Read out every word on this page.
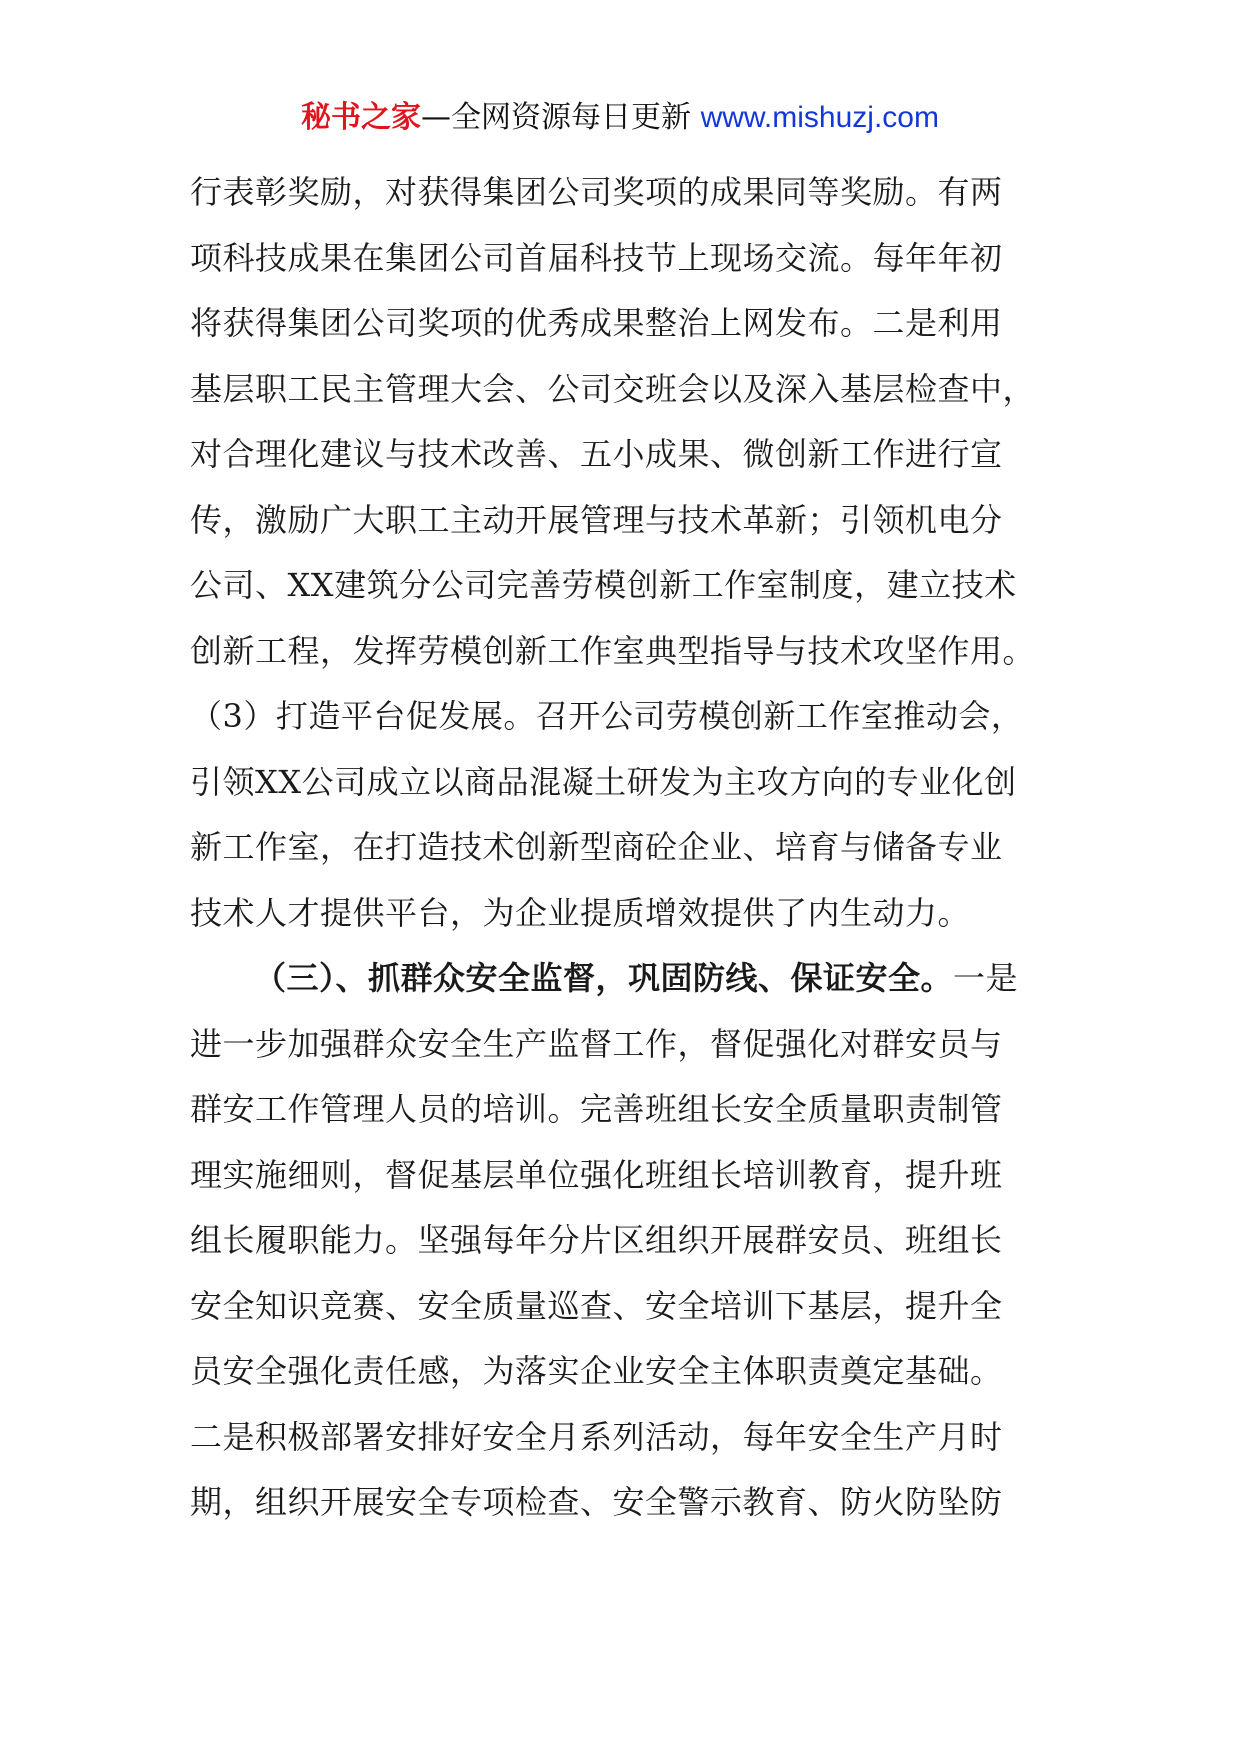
秘书之家—全网资源每日更新 www.mishuzj.com
行表彰奖励，对获得集团公司奖项的成果同等奖励。有两
项科技成果在集团公司首届科技节上现场交流。每年年初
将获得集团公司奖项的优秀成果整治上网发布。二是利用
基层职工民主管理大会、公司交班会以及深入基层检查中，
对合理化建议与技术改善、五小成果、微创新工作进行宣
传，激励广大职工主动开展管理与技术革新；引领机电分
公司、XX建筑分公司完善劳模创新工作室制度，建立技术
创新工程，发挥劳模创新工作室典型指导与技术攻坚作用。
（3）打造平台促发展。召开公司劳模创新工作室推动会，
引领XX公司成立以商品混凝土研发为主攻方向的专业化创
新工作室，在打造技术创新型商砼企业、培育与储备专业
技术人才提供平台，为企业提质增效提供了内生动力。
（三）、抓群众安全监督，巩固防线、保证安全。一是
进一步加强群众安全生产监督工作，督促强化对群安员与
群安工作管理人员的培训。完善班组长安全质量职责制管
理实施细则，督促基层单位强化班组长培训教育，提升班
组长履职能力。坚强每年分片区组织开展群安员、班组长
安全知识竞赛、安全质量巡查、安全培训下基层，提升全
员安全强化责任感，为落实企业安全主体职责奠定基础。
二是积极部署安排好安全月系列活动，每年安全生产月时
期，组织开展安全专项检查、安全警示教育、防火防坠防
